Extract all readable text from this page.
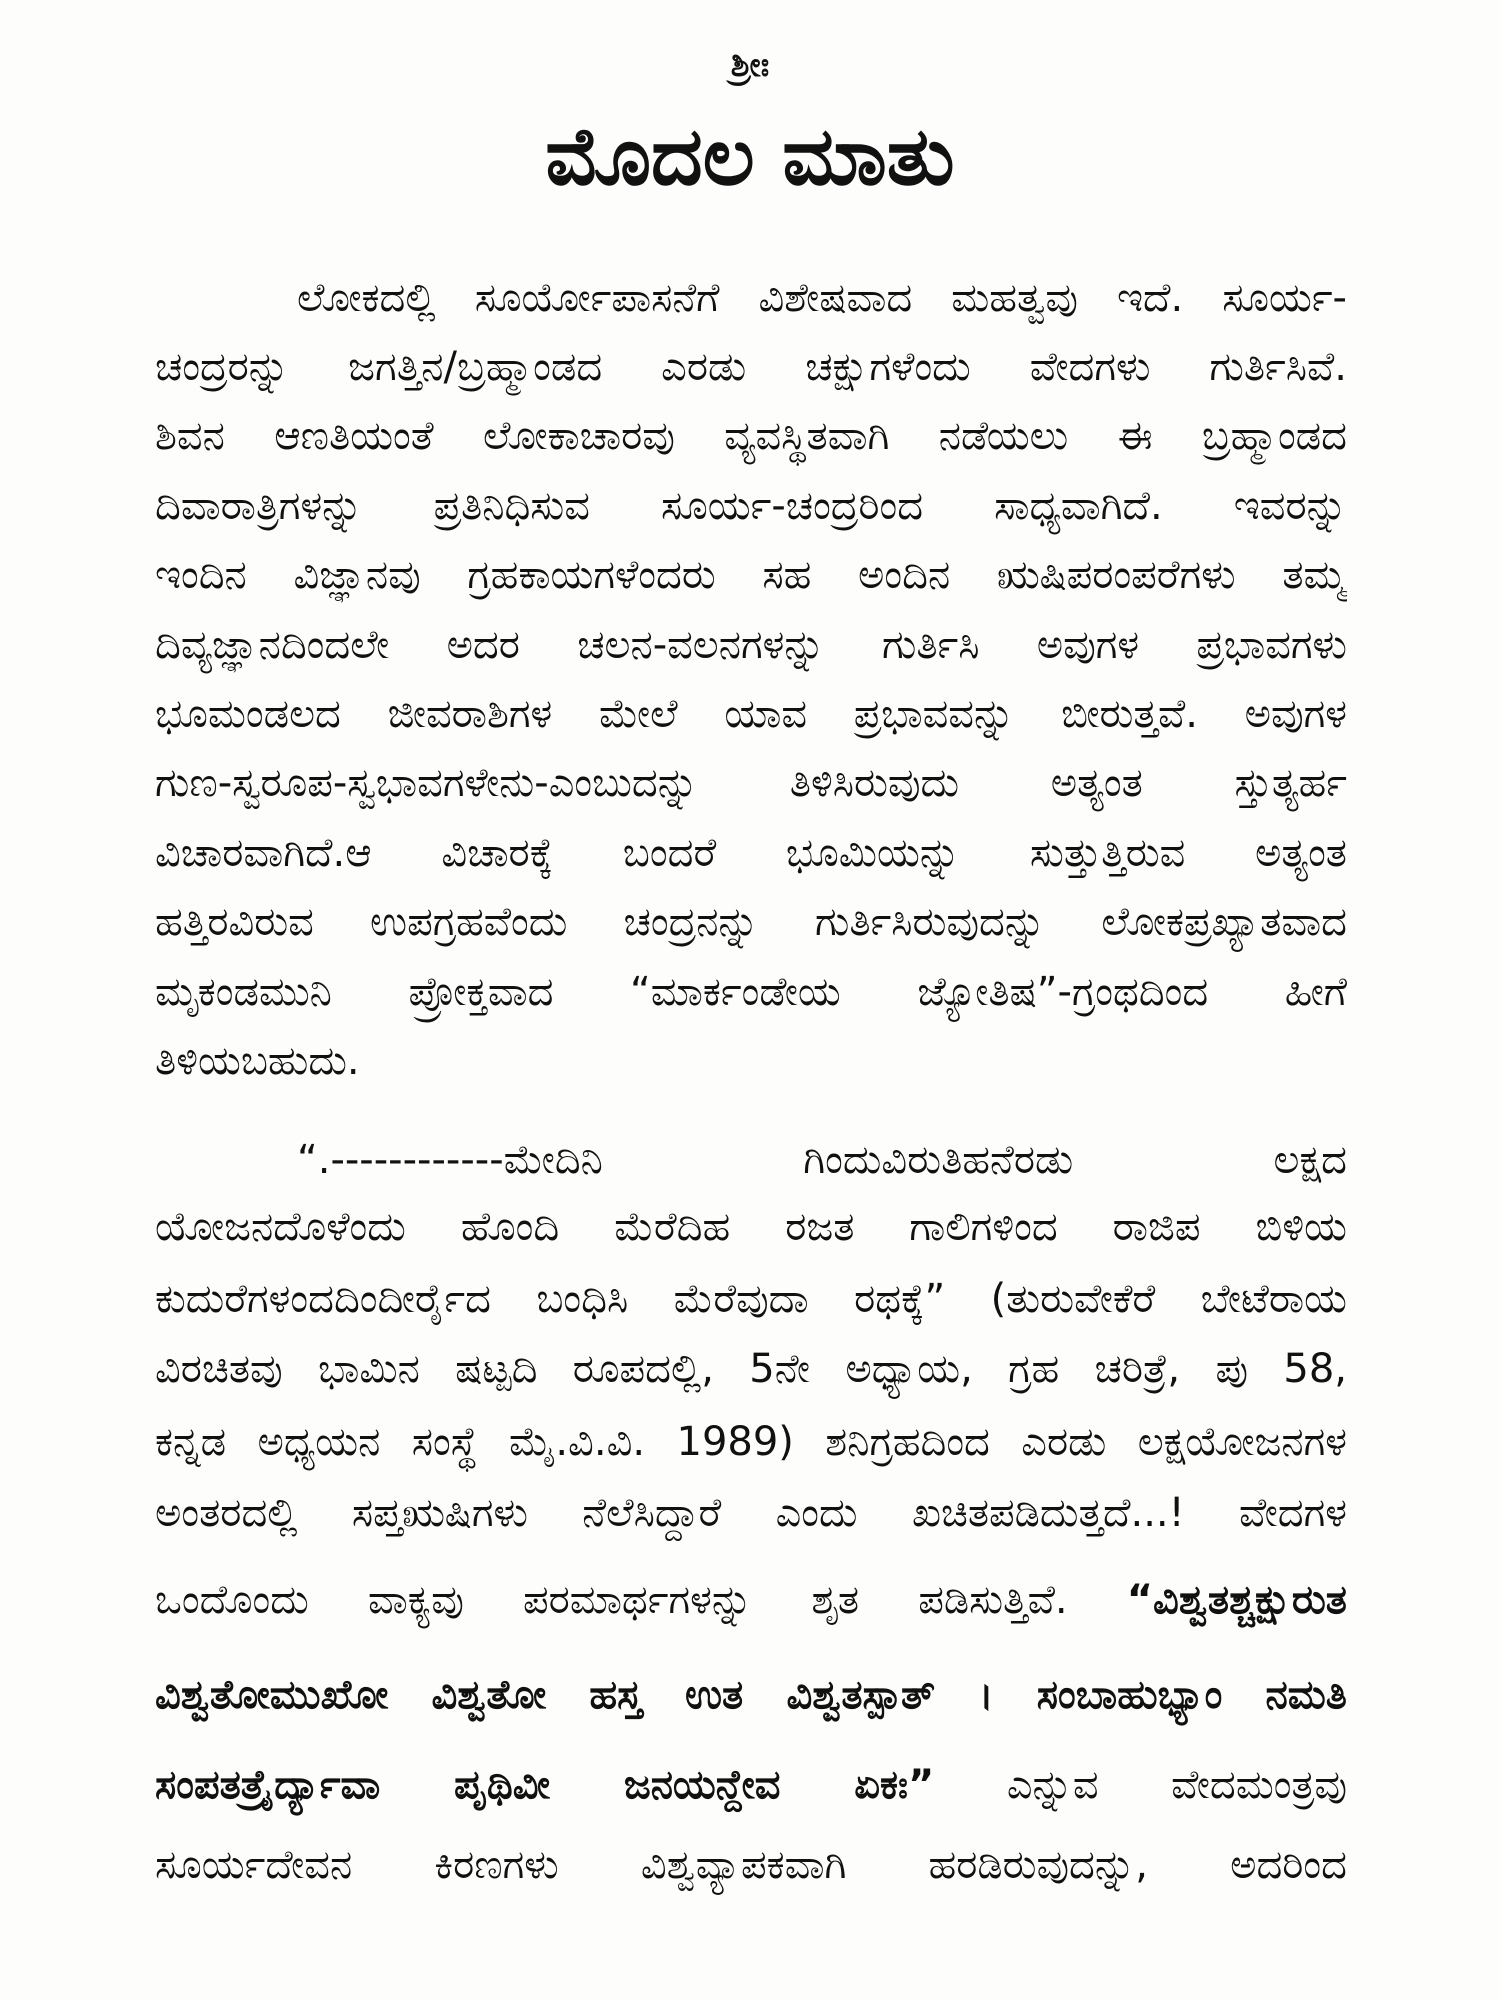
ಶ್ರೀಃ
ಮೊದಲ ಮಾತು
ಲೋಕದಲ್ಲಿ ಸೂರ್ಯೋಪಾಸನೆಗೆ ವಿಶೇಷವಾದ ಮಹತ್ವವು ಇದೆ. ಸೂರ್ಯ-
ಚಂದ್ರರನ್ನು ಜಗತ್ತಿನ/ಬ್ರಹ್ಮಾಂಡದ ಎರಡು ಚಕ್ಷುಗಳೆಂದು ವೇದಗಳು ಗುರ್ತಿಸಿವೆ.
ಶಿವನ ಆಣತಿಯಂತೆ ಲೋಕಾಚಾರವು ವ್ಯವಸ್ಥಿತವಾಗಿ ನಡೆಯಲು ಈ ಬ್ರಹ್ಮಾಂಡದ
ದಿವಾರಾತ್ರಿಗಳನ್ನು ಪ್ರತಿನಿಧಿಸುವ ಸೂರ್ಯ-ಚಂದ್ರರಿಂದ ಸಾಧ್ಯವಾಗಿದೆ. ಇವರನ್ನು
ಇಂದಿನ ವಿಜ್ಞಾನವು ಗ್ರಹಕಾಯಗಳೆಂದರು ಸಹ ಅಂದಿನ ಋಷಿಪರಂಪರೆಗಳು ತಮ್ಮ
ದಿವ್ಯಜ್ಞಾನದಿಂದಲೇ ಅದರ ಚಲನ-ವಲನಗಳನ್ನು ಗುರ್ತಿಸಿ ಅವುಗಳ ಪ್ರಭಾವಗಳು
ಭೂಮಂಡಲದ ಜೀವರಾಶಿಗಳ ಮೇಲೆ ಯಾವ ಪ್ರಭಾವವನ್ನು ಬೀರುತ್ತವೆ. ಅವುಗಳ
ಗುಣ-ಸ್ವರೂಪ-ಸ್ವಭಾವಗಳೇನು-ಎಂಬುದನ್ನು ತಿಳಿಸಿರುವುದು ಅತ್ಯಂತ ಸ್ತುತ್ಯರ್ಹ
ವಿಚಾರವಾಗಿದೆ.ಆ ವಿಚಾರಕ್ಕೆ ಬಂದರೆ ಭೂಮಿಯನ್ನು ಸುತ್ತುತ್ತಿರುವ ಅತ್ಯಂತ
ಹತ್ತಿರವಿರುವ ಉಪಗ್ರಹವೆಂದು ಚಂದ್ರನನ್ನು ಗುರ್ತಿಸಿರುವುದನ್ನು ಲೋಕಪ್ರಖ್ಯಾತವಾದ
ಮೃಕಂಡಮುನಿ ಪ್ರೋಕ್ತವಾದ “ಮಾರ್ಕಂಡೇಯ ಜ್ಯೋತಿಷ”-ಗ್ರಂಥದಿಂದ ಹೀಗೆ
ತಿಳಿಯಬಹುದು.
“.------------ಮೇದಿನಿ ಗಿಂದುವಿರುತಿಹನೆರಡು ಲಕ್ಷದ
ಯೋಜನದೊಳೆಂದು ಹೊಂದಿ ಮೆರೆದಿಹ ರಜತ ಗಾಲಿಗಳಿಂದ ರಾಜಿಪ ಬಿಳಿಯ
ಕುದುರೆಗಳಂದದಿಂದೀರ್ರೈದ ಬಂಧಿಸಿ ಮೆರೆವುದಾ ರಥಕ್ಕೆ” (ತುರುವೇಕೆರೆ ಬೇಟೆರಾಯ
ವಿರಚಿತವು ಭಾಮಿನ ಷಟ್ಪದಿ ರೂಪದಲ್ಲಿ, 5ನೇ ಅಧ್ಯಾಯ, ಗ್ರಹ ಚರಿತ್ರೆ, ಪು 58,
ಕನ್ನಡ ಅಧ್ಯಯನ ಸಂಸ್ಥೆ ಮೈ.ವಿ.ವಿ. 1989) ಶನಿಗ್ರಹದಿಂದ ಎರಡು ಲಕ್ಷಯೋಜನಗಳ
ಅಂತರದಲ್ಲಿ ಸಪ್ತಋಷಿಗಳು ನೆಲೆಸಿದ್ದಾರೆ ಎಂದು ಖಚಿತಪಡಿದುತ್ತದೆ...! ವೇದಗಳ
ಒಂದೊಂದು ವಾಕ್ಯವು ಪರಮಾರ್ಥಗಳನ್ನು ಶೃತ ಪಡಿಸುತ್ತಿವೆ. “ವಿಶ್ವತಶ್ಚಕ್ಷುರುತ
ವಿಶ್ವತೋಮುಖೋ ವಿಶ್ವತೋ ಹಸ್ತ ಉತ ವಿಶ್ವತಸ್ಪಾತ್ । ಸಂಬಾಹುಭ್ಯಾಂ ನಮತಿ
ಸಂಪತತ್ರೈರ್ದ್ಯಾವಾ ಪೃಥಿವೀ ಜನಯನ್ದೇವ ಏಕಃ” ಎನ್ನುವ ವೇದಮಂತ್ರವು
ಸೂರ್ಯದೇವನ ಕಿರಣಗಳು ವಿಶ್ವವ್ಯಾಪಕವಾಗಿ ಹರಡಿರುವುದನ್ನು, ಅದರಿಂದ
